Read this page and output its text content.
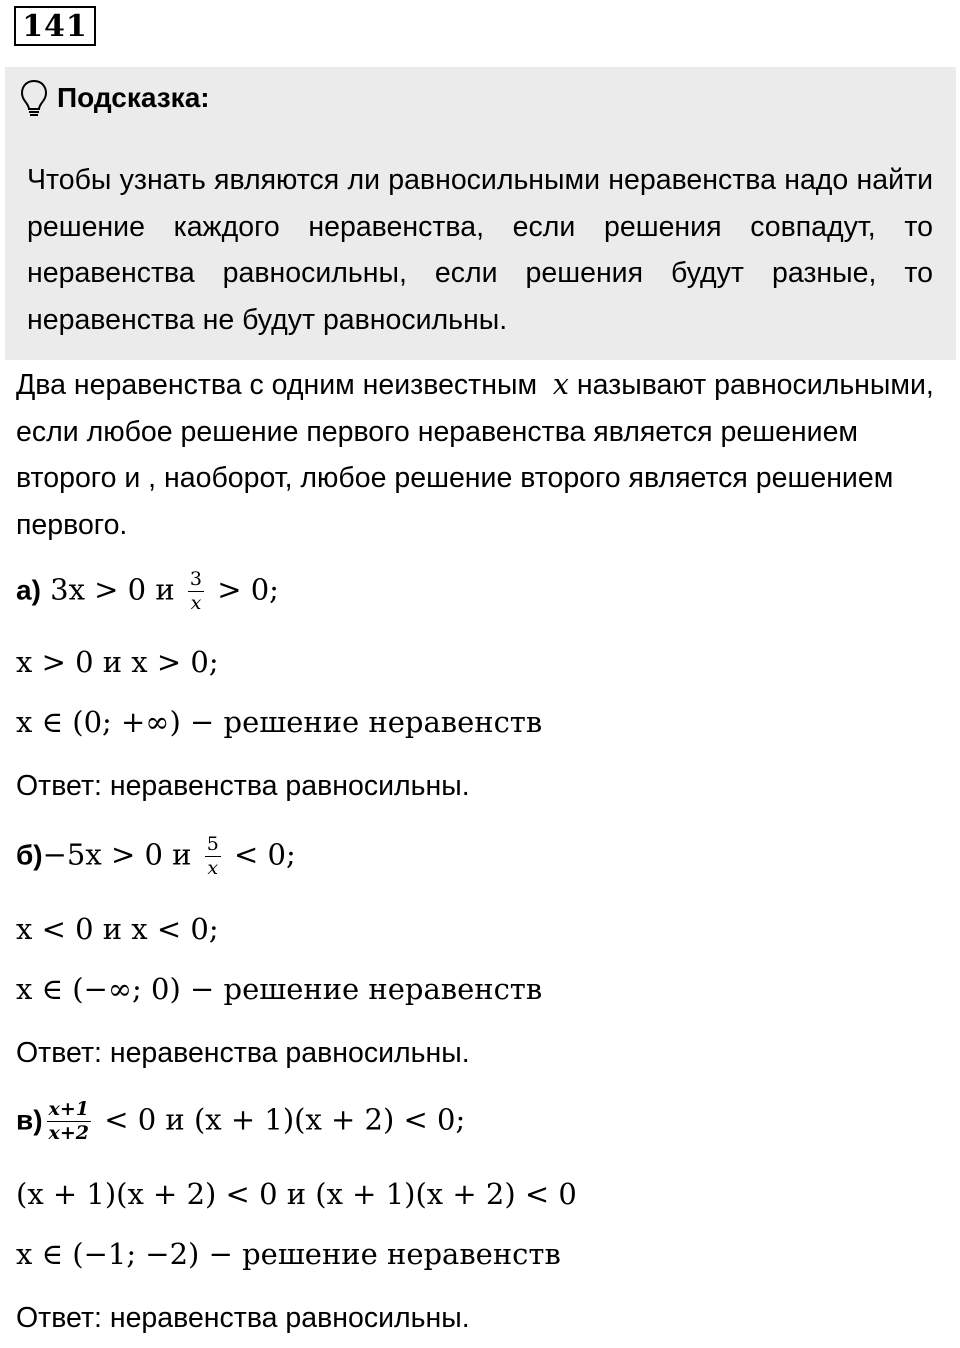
141
Подсказка:

Чтобы узнать являются ли равносильными неравенства надо найти решение каждого неравенства, если решения совпадут, то неравенства равносильны, если решения будут разные, то неравенства не будут равносильны.

Два неравенства с одним неизвестным x называют равносильными, если любое решение первого неравенства является решением второго и , наоборот, любое решение второго является решением первого.

а) 3x > 0 и $\frac{3}{x} > 0$;
x > 0 и x > 0;
x ∈ (0; +∞) − решение неравенств
Ответ: неравенства равносильны.
б)−5x > 0 и $\frac{5}{x} < 0$;
x < 0 и x < 0;
x ∈ (−∞; 0) − решение неравенств
Ответ: неравенства равносильны.
$в) \frac{x+1}{x+2} < 0$ и (x + 1)(x + 2) < 0;
(x + 1)(x + 2) < 0 и (x + 1)(x + 2) < 0
x ∈ (−1; −2) − решение неравенств
Ответ: неравенства равносильны.
